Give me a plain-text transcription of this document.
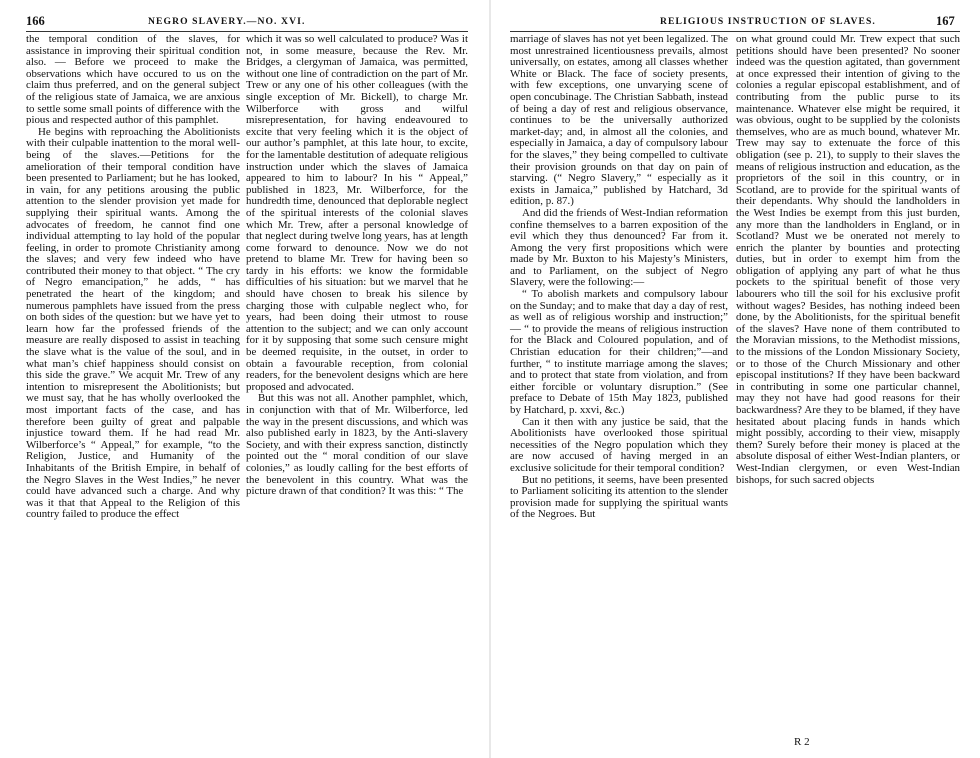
166	NEGRO SLAVERY.—NO. XVI.

the temporal condition of the slaves, for assistance in improving their spiritual condition also. — Before we proceed to make the observations which have occured to us on the claim thus preferred, and on the general subject of the religious state of Jamaica, we are anxious to settle some small points of difference with the pious and respected author of this pamphlet.

He begins with reproaching the Abolitionists with their culpable inattention to the moral well-being of the slaves.—Petitions for the amelioration of their temporal condition have been presented to Parliament; but he has looked, in vain, for any petitions arousing the public attention to the slender provision yet made for supplying their spiritual wants. Among the advocates of freedom, he cannot find one individual attempting to lay hold of the popular feeling, in order to promote Christianity among the slaves; and very few indeed who have contributed their money to that object. “ The cry of Negro emancipation,” he adds, “ has penetrated the heart of the kingdom; and numerous pamphlets have issued from the press on both sides of the question: but we have yet to learn how far the professed friends of the measure are really disposed to assist in teaching the slave what is the value of the soul, and in what man’s chief happiness should consist on this side the grave.” We acquit Mr. Trew of any intention to misrepresent the Abolitionists; but we must say, that he has wholly overlooked the most important facts of the case, and has therefore been guilty of great and palpable injustice toward them. If he had read Mr. Wilberforce’s “ Appeal,” for example, “to the Religion, Justice, and Humanity of the Inhabitants of the British Empire, in behalf of the Negro Slaves in the West Indies,” he never could have advanced such a charge. And why was it that that Appeal to the Religion of this country failed to produce the effect

which it was so well calculated to produce? Was it not, in some measure, because the Rev. Mr. Bridges, a clergyman of Jamaica, was permitted, without one line of contradiction on the part of Mr. Trew or any one of his other colleagues (with the single exception of Mr. Bickell), to charge Mr. Wilberforce with gross and wilful misrepresentation, for having endeavoured to excite that very feeling which it is the object of our author’s pamphlet, at this late hour, to excite, for the lamentable destitution of adequate religious instruction under which the slaves of Jamaica appeared to him to labour? In his “ Appeal,” published in 1823, Mr. Wilberforce, for the hundredth time, denounced that deplorable neglect of the spiritual interests of the colonial slaves which Mr. Trew, after a personal knowledge of that neglect during twelve long years, has at length come forward to denounce. Now we do not pretend to blame Mr. Trew for having been so tardy in his efforts: we know the formidable difficulties of his situation: but we marvel that he should have chosen to break his silence by charging those with culpable neglect who, for years, had been doing their utmost to rouse attention to the subject; and we can only account for it by supposing that some such censure might be deemed requisite, in the outset, in order to obtain a favourable reception, from colonial readers, for the benevolent designs which are here proposed and advocated.

But this was not all. Another pamphlet, which, in conjunction with that of Mr. Wilberforce, led the way in the present discussions, and which was also published early in 1823, by the Anti-slavery Society, and with their express sanction, distinctly pointed out the “ moral condition of our slave colonies,” as loudly calling for the best efforts of the benevolent in this country. What was the picture drawn of that condition? It was this: “ The

RELIGIOUS INSTRUCTION OF SLAVES.	167

marriage of slaves has not yet been legalized. The most unrestrained licentiousness prevails, almost universally, on estates, among all classes whether White or Black. The face of society presents, with few exceptions, one unvarying scene of open concubinage. The Christian Sabbath, instead of being a day of rest and religious observance, continues to be the universally authorized market-day; and, in almost all the colonies, and especially in Jamaica, a day of compulsory labour for the slaves,” they being compelled to cultivate their provision grounds on that day on pain of starving. (“ Negro Slavery,” “ especially as it exists in Jamaica,” published by Hatchard, 3d edition, p. 87.)

And did the friends of West-Indian reformation confine themselves to a barren exposition of the evil which they thus denounced? Far from it. Among the very first propositions which were made by Mr. Buxton to his Majesty’s Ministers, and to Parliament, on the subject of Negro Slavery, were the following:—

“ To abolish markets and compulsory labour on the Sunday; and to make that day a day of rest, as well as of religious worship and instruction;” — “ to provide the means of religious instruction for the Black and Coloured population, and of Christian education for their children;”—and further, “ to institute marriage among the slaves; and to protect that state from violation, and from either forcible or voluntary disruption.” (See preface to Debate of 15th May 1823, published by Hatchard, p. xxvi, &c.)

Can it then with any justice be said, that the Abolitionists have overlooked those spiritual necessities of the Negro population which they are now accused of having merged in an exclusive solicitude for their temporal condition?

But no petitions, it seems, have been presented to Parliament soliciting its attention to the slender provision made for supplying the spiritual wants of the Negroes. But

on what ground could Mr. Trew expect that such petitions should have been presented? No sooner indeed was the question agitated, than government at once expressed their intention of giving to the colonies a regular episcopal establishment, and of contributing from the public purse to its maintenance. Whatever else might be required, it was obvious, ought to be supplied by the colonists themselves, who are as much bound, whatever Mr. Trew may say to extenuate the force of this obligation (see p. 21), to supply to their slaves the means of religious instruction and education, as the proprietors of the soil in this country, or in Scotland, are to provide for the spiritual wants of their dependants. Why should the landholders in the West Indies be exempt from this just burden, any more than the landholders in England, or in Scotland? Must we be onerated not merely to enrich the planter by bounties and protecting duties, but in order to exempt him from the obligation of applying any part of what he thus pockets to the spiritual benefit of those very labourers who till the soil for his exclusive profit without wages? Besides, has nothing indeed been done, by the Abolitionists, for the spiritual benefit of the slaves? Have none of them contributed to the Moravian missions, to the Methodist missions, to the missions of the London Missionary Society, or to those of the Church Missionary and other episcopal institutions? If they have been backward in contributing in some one particular channel, may they not have had good reasons for their backwardness? Are they to be blamed, if they have hesitated about placing funds in hands which might possibly, according to their view, misapply them? Surely before their money is placed at the absolute disposal of either West-Indian planters, or West-Indian clergymen, or even West-Indian bishops, for such sacred objects

R 2
